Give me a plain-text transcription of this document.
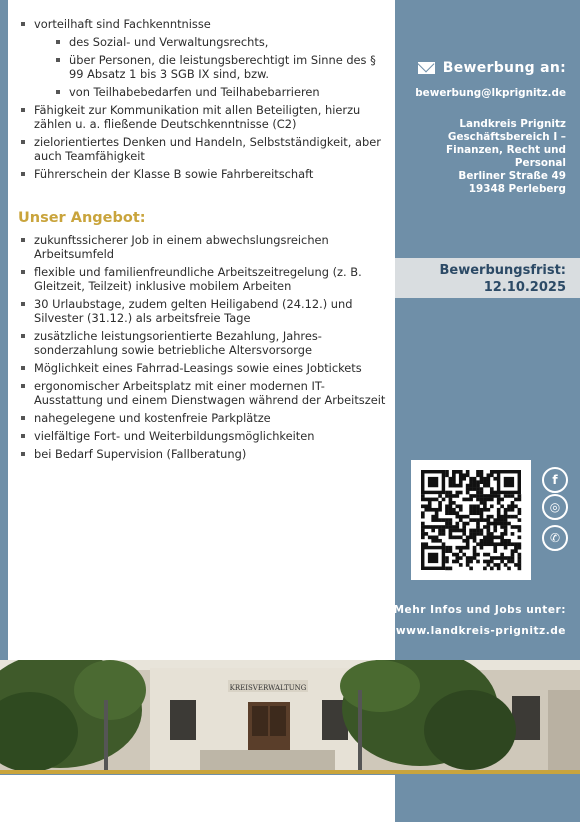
vorteilhaft sind Fachkenntnisse
des Sozial- und Verwaltungsrechts,
über Personen, die leistungsberechtigt im Sinne des § 99 Absatz 1 bis 3 SGB IX sind, bzw.
von Teilhabebedarfen und Teilhabebarrieren
Fähigkeit zur Kommunikation mit allen Beteiligten, hierzu zählen u. a. fließende Deutschkenntnisse (C2)
zielorientiertes Denken und Handeln, Selbstständigkeit, aber auch Teamfähigkeit
Führerschein der Klasse B sowie Fahrbereitschaft
Unser Angebot:
zukunftssicherer Job in einem abwechslungsreichen Arbeitsumfeld
flexible und familienfreundliche Arbeitszeitregelung (z. B. Gleitzeit, Teilzeit) inklusive mobilem Arbeiten
30 Urlaubstage, zudem gelten Heiligabend (24.12.) und Silvester (31.12.) als arbeitsfreie Tage
zusätzliche leistungsorientierte Bezahlung, Jahres-sonderzahlung sowie betriebliche Altersvorsorge
Möglichkeit eines Fahrrad-Leasings sowie eines Jobtickets
ergonomischer Arbeitsplatz mit einer modernen IT-Ausstattung und einem Dienstwagen während der Arbeitszeit
nahegelegene und kostenfreie Parkplätze
vielfältige Fort- und Weiterbildungsmöglichkeiten
bei Bedarf Supervision (Fallberatung)
Bewerbung an:
bewerbung@lkprignitz.de
Landkreis Prignitz
Geschäftsbereich I –
Finanzen, Recht und
Personal
Berliner Straße 49
19348 Perleberg
Bewerbungsfrist:
12.10.2025
f
◎
✆
Mehr Infos und Jobs unter:
www.landkreis-prignitz.de
KREISVERWALTUNG
